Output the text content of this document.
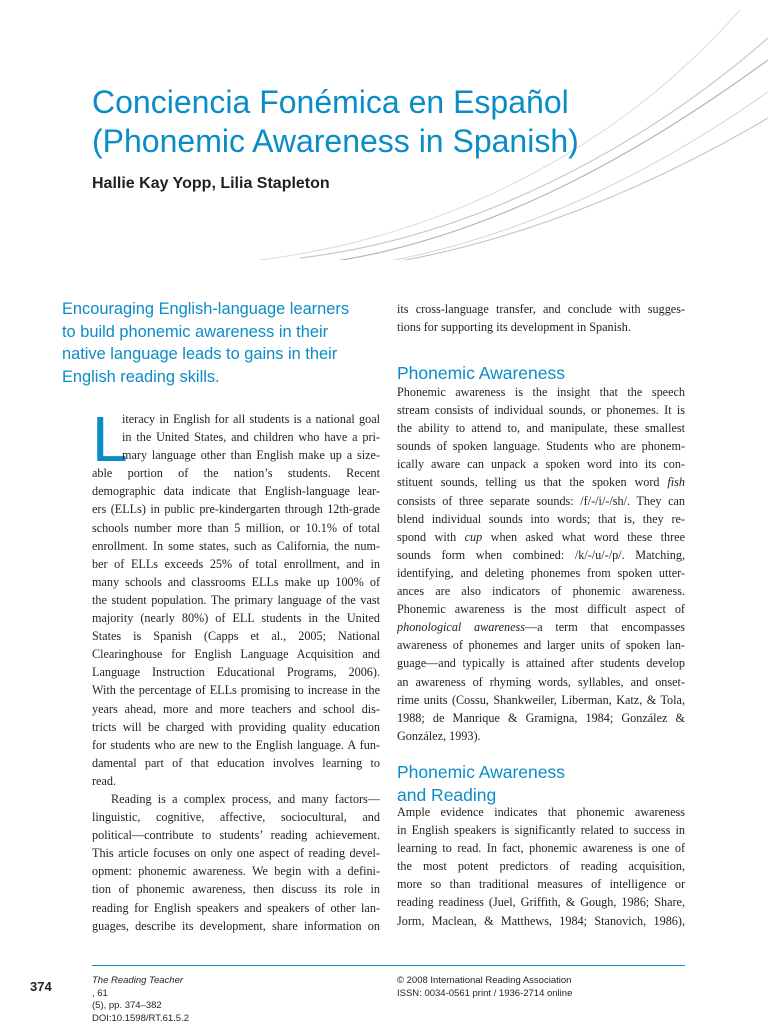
Conciencia Fonémica en Español
(Phonemic Awareness in Spanish)

Hallie Kay Yopp, Lilia Stapleton

Encouraging English-language learners
to build phonemic awareness in their
native language leads to gains in their
English reading skills.

L
iteracy in English for all students is a national goal
in the United States, and children who have a pri-
mary language other than English make up a size-
able portion of the nation’s students. Recent
demographic data indicate that English-language lear-
ers (ELLs) in public pre-kindergarten through 12th-grade
schools number more than 5 million, or 10.1% of total
enrollment. In some states, such as California, the num-
ber of ELLs exceeds 25% of total enrollment, and in
many schools and classrooms ELLs make up 100% of
the student population. The primary language of the vast
majority (nearly 80%) of ELL students in the United
States is Spanish (Capps et al., 2005; National
Clearinghouse for English Language Acquisition and
Language Instruction Educational Programs, 2006).
With the percentage of ELLs promising to increase in the
years ahead, more and more teachers and school dis-
tricts will be charged with providing quality education
for students who are new to the English language. A fun-
damental part of that education involves learning to
read.
Reading is a complex process, and many factors—
linguistic, cognitive, affective, sociocultural, and
political—contribute to students’ reading achievement.
This article focuses on only one aspect of reading devel-
opment: phonemic awareness. We begin with a defini-
tion of phonemic awareness, then discuss its role in
reading for English speakers and speakers of other lan-
guages, describe its development, share information on
its cross-language transfer, and conclude with sugges-
tions for supporting its development in Spanish.
Phonemic Awareness
Phonemic awareness is the insight that the speech
stream consists of individual sounds, or phonemes. It is
the ability to attend to, and manipulate, these smallest
sounds of spoken language. Students who are phonem-
ically aware can unpack a spoken word into its con-
stituent sounds, telling us that the spoken word fish
consists of three separate sounds: /f/-/i/-/sh/. They can
blend individual sounds into words; that is, they re-
spond with cup when asked what word these three
sounds form when combined: /k/-/u/-/p/. Matching,
identifying, and deleting phonemes from spoken utter-
ances are also indicators of phonemic awareness.
Phonemic awareness is the most difficult aspect of
phonological awareness—a term that encompasses
awareness of phonemes and larger units of spoken lan-
guage—and typically is attained after students develop
an awareness of rhyming words, syllables, and onset-
rime units (Cossu, Shankweiler, Liberman, Katz, & Tola,
1988; de Manrique & Gramigna, 1984; González &
González, 1993).
Phonemic Awareness
and Reading
Ample evidence indicates that phonemic awareness
in English speakers is significantly related to success in
learning to read. In fact, phonemic awareness is one of
the most potent predictors of reading acquisition,
more so than traditional measures of intelligence or
reading readiness (Juel, Griffith, & Gough, 1986; Share,
Jorm, Maclean, & Matthews, 1984; Stanovich, 1986),
374	The Reading Teacher
, 61
(5), pp. 374–382
DOI:10.1598/RT.61.5.2
© 2008 International Reading Association
ISSN: 0034-0561 print / 1936-2714 online
